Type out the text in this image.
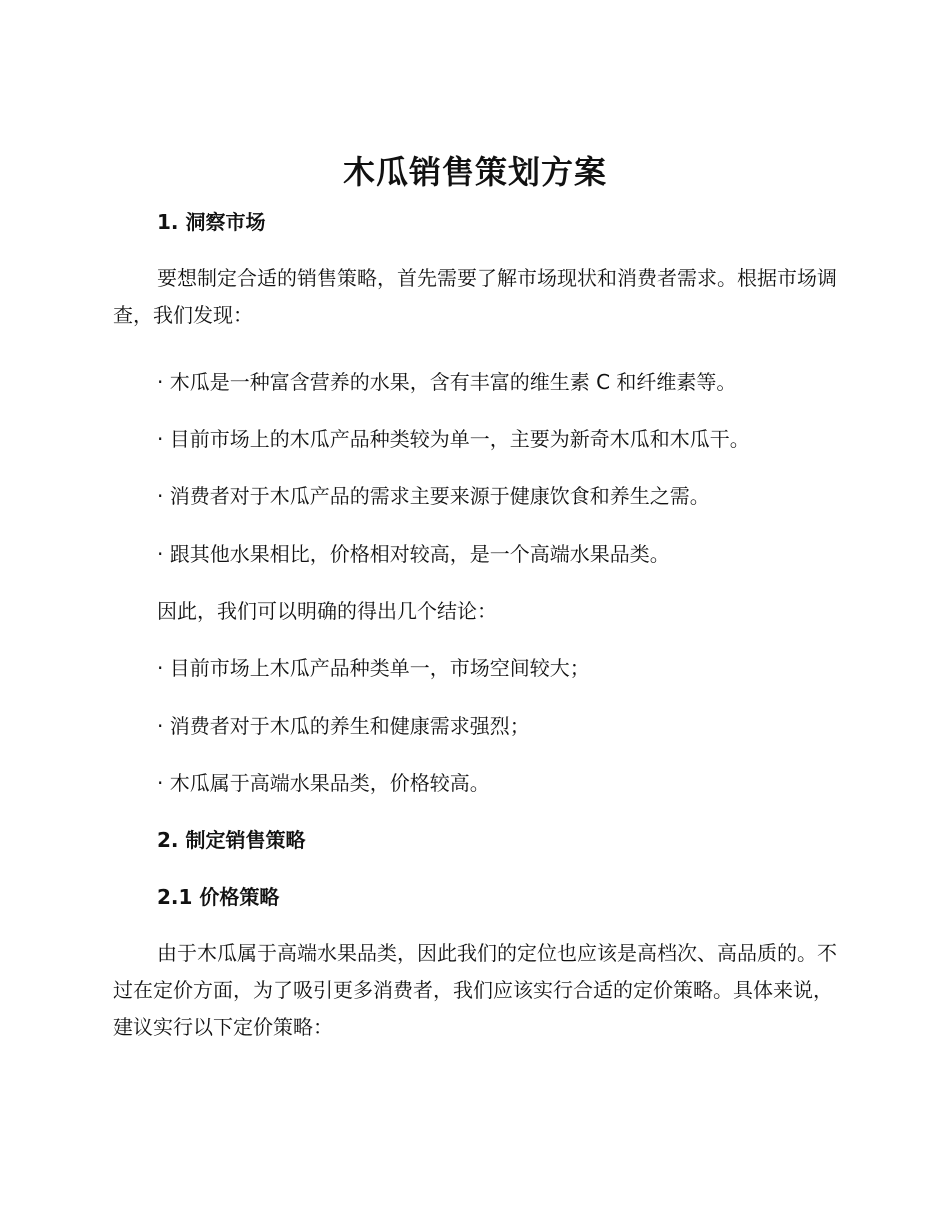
木瓜销售策划方案
1. 洞察市场

要想制定合适的销售策略，首先需要了解市场现状和消费者需求。根据市场调查，我们发现：

· 木瓜是一种富含营养的水果，含有丰富的维生素 C 和纤维素等。
· 目前市场上的木瓜产品种类较为单一，主要为新奇木瓜和木瓜干。
· 消费者对于木瓜产品的需求主要来源于健康饮食和养生之需。
· 跟其他水果相比，价格相对较高，是一个高端水果品类。
因此，我们可以明确的得出几个结论：
· 目前市场上木瓜产品种类单一，市场空间较大；
· 消费者对于木瓜的养生和健康需求强烈；
· 木瓜属于高端水果品类，价格较高。
2. 制定销售策略
2.1 价格策略

由于木瓜属于高端水果品类，因此我们的定位也应该是高档次、高品质的。不过在定价方面，为了吸引更多消费者，我们应该实行合适的定价策略。具体来说，建议实行以下定价策略：
